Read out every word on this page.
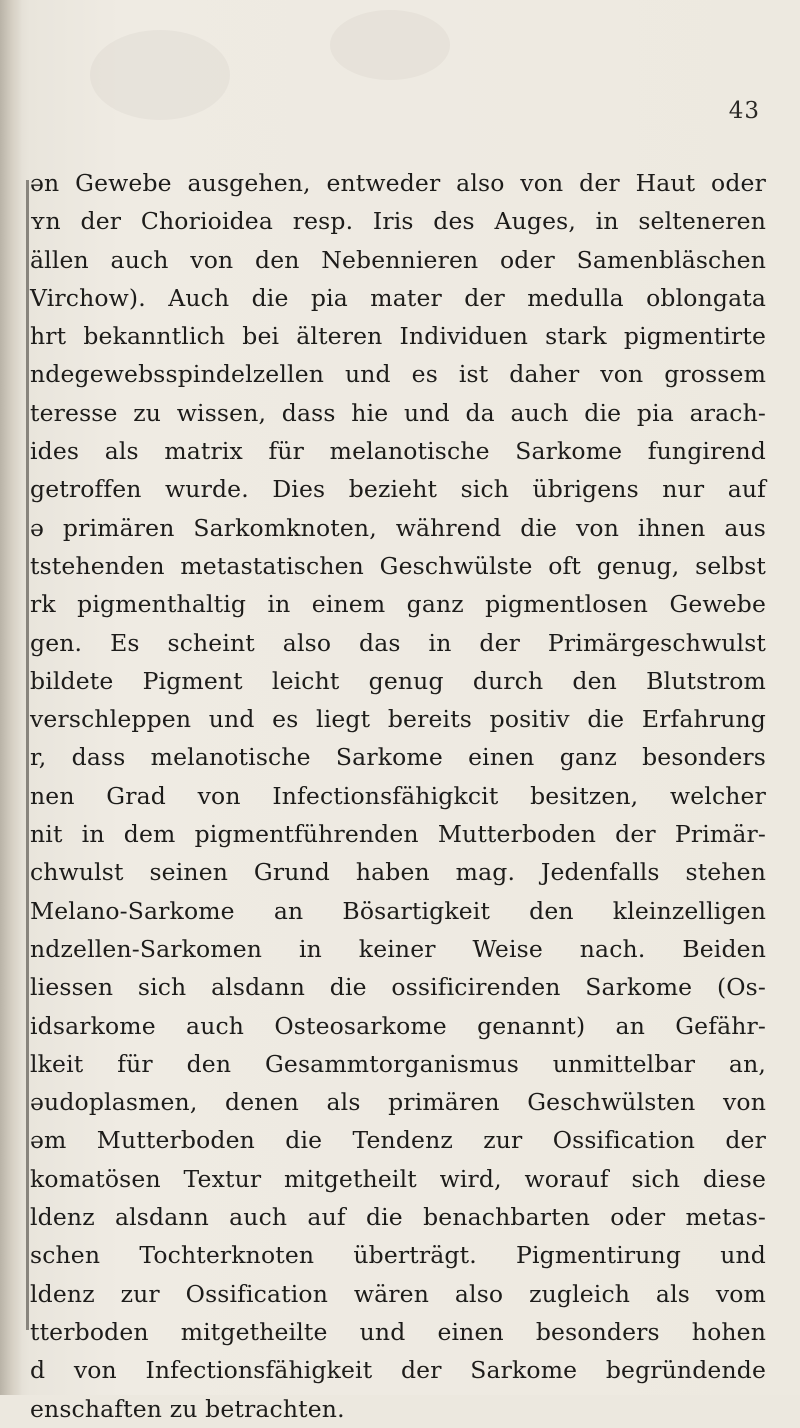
43
ən Gewebe ausgehen, entweder also von der Haut oder
ʏn der Chorioidea resp. Iris des Auges, in selteneren
ällen auch von den Nebennieren oder Samenbläschen
Virchow). Auch die pia mater der medulla oblongata
hrt bekanntlich bei älteren Individuen stark pigmentirte
ndegewebsspindelzellen und es ist daher von grossem
teresse zu wissen, dass hie und da auch die pia arach-
ides als matrix für melanotische Sarkome fungirend
getroffen wurde. Dies bezieht sich übrigens nur auf
ə primären Sarkomknoten, während die von ihnen aus
tstehenden metastatischen Geschwülste oft genug, selbst
rk pigmenthaltig in einem ganz pigmentlosen Gewebe
gen. Es scheint also das in der Primärgeschwulst
bildete Pigment leicht genug durch den Blutstrom
verschleppen und es liegt bereits positiv die Erfahrung
r, dass melanotische Sarkome einen ganz besonders
nen Grad von Infectionsfähigkcit besitzen, welcher
nit in dem pigmentführenden Mutterboden der Primär-
chwulst seinen Grund haben mag. Jedenfalls stehen
Melano-Sarkome an Bösartigkeit den kleinzelligen
ndzellen-Sarkomen in keiner Weise nach. Beiden
liessen sich alsdann die ossificirenden Sarkome (Os-
idsarkome auch Osteosarkome genannt) an Gefähr-
lkeit für den Gesammtorganismus unmittelbar an,
əudoplasmen, denen als primären Geschwülsten von
əm Mutterboden die Tendenz zur Ossification der
komatösen Textur mitgetheilt wird, worauf sich diese
ldenz alsdann auch auf die benachbarten oder metas-
schen Tochterknoten überträgt. Pigmentirung und
ldenz zur Ossification wären also zugleich als vom
tterboden mitgetheilte und einen besonders hohen
d von Infectionsfähigkeit der Sarkome begründende
enschaften zu betrachten.
